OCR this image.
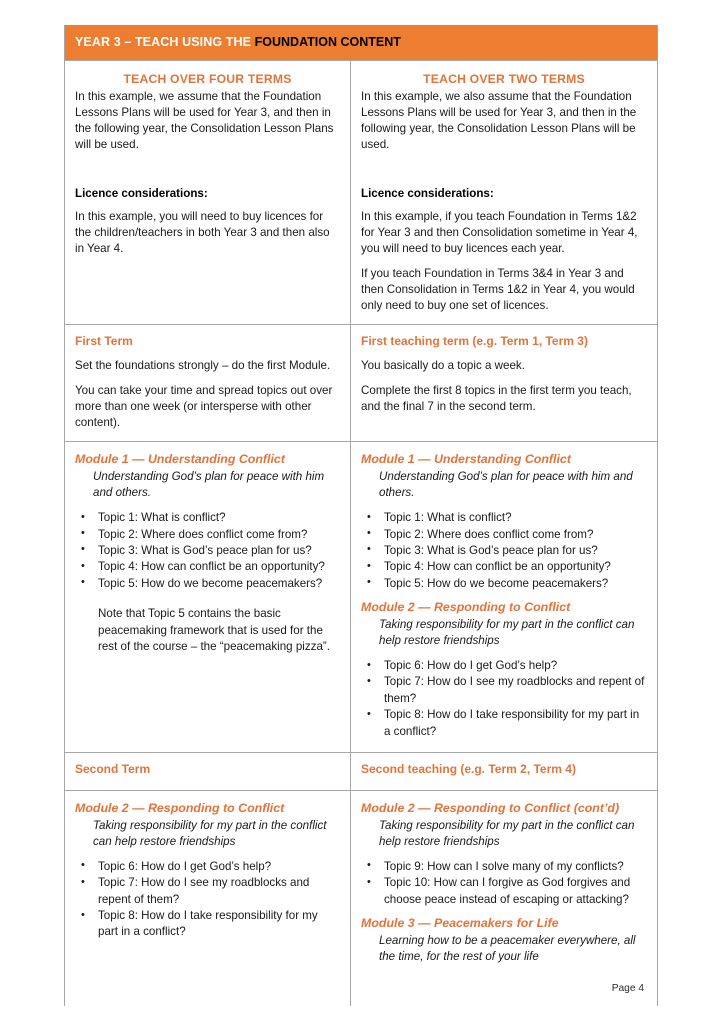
YEAR 3 – TEACH USING THE FOUNDATION CONTENT
TEACH OVER FOUR TERMS

In this example, we assume that the Foundation Lessons Plans will be used for Year 3, and then in the following year, the Consolidation Lesson Plans will be used.

Licence considerations:

In this example, you will need to buy licences for the children/teachers in both Year 3 and then also in Year 4.

TEACH OVER TWO TERMS

In this example, we also assume that the Foundation Lessons Plans will be used for Year 3, and then in the following year, the Consolidation Lesson Plans will be used.

Licence considerations:

In this example, if you teach Foundation in Terms 1&2 for Year 3 and then Consolidation sometime in Year 4, you will need to buy licences each year.

If you teach Foundation in Terms 3&4 in Year 3 and then Consolidation in Terms 1&2 in Year 4, you would only need to buy one set of licences.

First Term

Set the foundations strongly – do the first Module.

You can take your time and spread topics out over more than one week (or intersperse with other content).

First teaching term (e.g. Term 1, Term 3)

You basically do a topic a week.

Complete the first 8 topics in the first term you teach, and the final 7 in the second term.

Module 1 — Understanding Conflict
Understanding God’s plan for peace with him and others.
• Topic 1: What is conflict?
• Topic 2: Where does conflict come from?
• Topic 3: What is God’s peace plan for us?
• Topic 4: How can conflict be an opportunity?
• Topic 5: How do we become peacemakers?
Note that Topic 5 contains the basic peacemaking framework that is used for the rest of the course – the “peacemaking pizza”.
Module 1 — Understanding Conflict
Understanding God’s plan for peace with him and others.
• Topic 1: What is conflict?
• Topic 2: Where does conflict come from?
• Topic 3: What is God’s peace plan for us?
• Topic 4: How can conflict be an opportunity?
• Topic 5: How do we become peacemakers?
Module 2 — Responding to Conflict
Taking responsibility for my part in the conflict can help restore friendships
• Topic 6: How do I get God’s help?
• Topic 7: How do I see my roadblocks and repent of them?
• Topic 8: How do I take responsibility for my part in a conflict?
Second Term	Second teaching (e.g. Term 2, Term 4)
Module 2 — Responding to Conflict
Taking responsibility for my part in the conflict can help restore friendships
• Topic 6: How do I get God’s help?
• Topic 7: How do I see my roadblocks and repent of them?
• Topic 8: How do I take responsibility for my part in a conflict?
Module 2 — Responding to Conflict (cont’d)
Taking responsibility for my part in the conflict can help restore friendships
• Topic 9: How can I solve many of my conflicts?
• Topic 10: How can I forgive as God forgives and choose peace instead of escaping or attacking?
Module 3 — Peacemakers for Life
Learning how to be a peacemaker everywhere, all the time, for the rest of your life
Page 4
